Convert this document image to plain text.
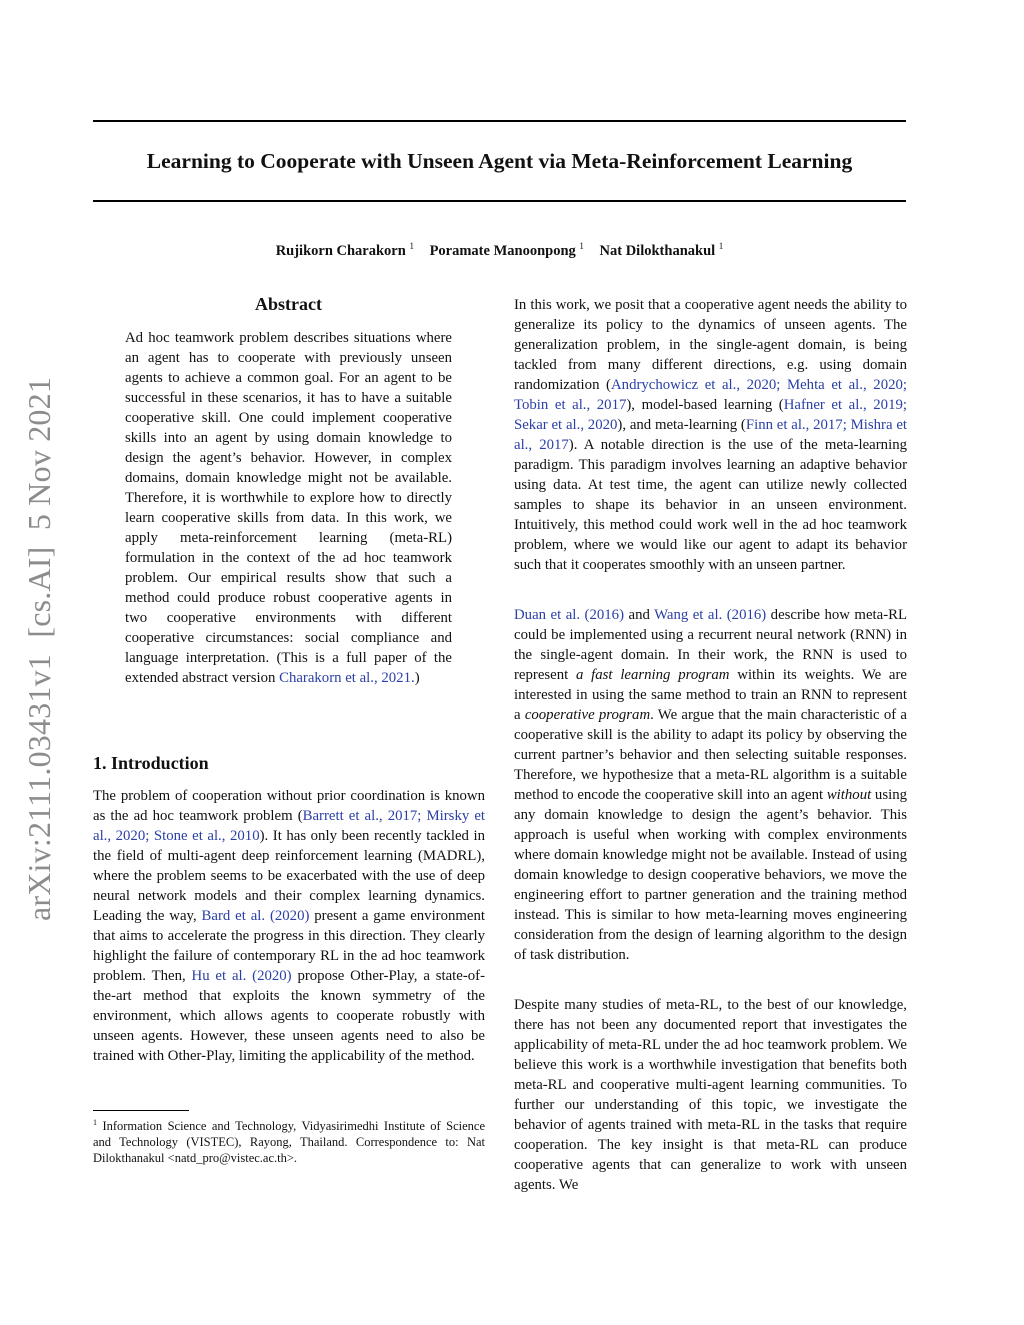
arXiv:2111.03431v1  [cs.AI]  5 Nov 2021
Learning to Cooperate with Unseen Agent via Meta-Reinforcement Learning
Rujikorn Charakorn $^1$ Poramate Manoonpong $^1$ Nat Dilokthanakul $^1$
Abstract

Ad hoc teamwork problem describes situations where an agent has to cooperate with previously unseen agents to achieve a common goal. For an agent to be successful in these scenarios, it has to have a suitable cooperative skill. One could implement cooperative skills into an agent by using domain knowledge to design the agent’s behavior. However, in complex domains, domain knowledge might not be available. Therefore, it is worthwhile to explore how to directly learn cooperative skills from data. In this work, we apply meta-reinforcement learning (meta-RL) formulation in the context of the ad hoc teamwork problem. Our empirical results show that such a method could produce robust cooperative agents in two cooperative environments with different cooperative circumstances: social compliance and language interpretation. (This is a full paper of the extended abstract version Charakorn et al., 2021.)

1. Introduction

The problem of cooperation without prior coordination is known as the ad hoc teamwork problem (Barrett et al., 2017; Mirsky et al., 2020; Stone et al., 2010). It has only been recently tackled in the field of multi-agent deep reinforcement learning (MADRL), where the problem seems to be exacerbated with the use of deep neural network models and their complex learning dynamics. Leading the way, Bard et al. (2020) present a game environment that aims to accelerate the progress in this direction. They clearly highlight the failure of contemporary RL in the ad hoc teamwork problem. Then, Hu et al. (2020) propose Other-Play, a state-of-the-art method that exploits the known symmetry of the environment, which allows agents to cooperate robustly with unseen agents. However, these unseen agents need to also be trained with Other-Play, limiting the applicability of the method.

$^1$ Information Science and Technology, Vidyasirimedhi Institute of Science and Technology (VISTEC), Rayong, Thailand. Correspondence to: Nat Dilokthanakul <natd_pro@vistec.ac.th>.

In this work, we posit that a cooperative agent needs the ability to generalize its policy to the dynamics of unseen agents. The generalization problem, in the single-agent domain, is being tackled from many different directions, e.g. using domain randomization (Andrychowicz et al., 2020; Mehta et al., 2020; Tobin et al., 2017), model-based learning (Hafner et al., 2019; Sekar et al., 2020), and meta-learning (Finn et al., 2017; Mishra et al., 2017). A notable direction is the use of the meta-learning paradigm. This paradigm involves learning an adaptive behavior using data. At test time, the agent can utilize newly collected samples to shape its behavior in an unseen environment. Intuitively, this method could work well in the ad hoc teamwork problem, where we would like our agent to adapt its behavior such that it cooperates smoothly with an unseen partner.

Duan et al. (2016) and Wang et al. (2016) describe how meta-RL could be implemented using a recurrent neural network (RNN) in the single-agent domain. In their work, the RNN is used to represent a fast learning program within its weights. We are interested in using the same method to train an RNN to represent a cooperative program. We argue that the main characteristic of a cooperative skill is the ability to adapt its policy by observing the current partner’s behavior and then selecting suitable responses. Therefore, we hypothesize that a meta-RL algorithm is a suitable method to encode the cooperative skill into an agent without using any domain knowledge to design the agent’s behavior. This approach is useful when working with complex environments where domain knowledge might not be available. Instead of using domain knowledge to design cooperative behaviors, we move the engineering effort to partner generation and the training method instead. This is similar to how meta-learning moves engineering consideration from the design of learning algorithm to the design of task distribution.

Despite many studies of meta-RL, to the best of our knowledge, there has not been any documented report that investigates the applicability of meta-RL under the ad hoc teamwork problem. We believe this work is a worthwhile investigation that benefits both meta-RL and cooperative multi-agent learning communities. To further our understanding of this topic, we investigate the behavior of agents trained with meta-RL in the tasks that require cooperation. The key insight is that meta-RL can produce cooperative agents that can generalize to work with unseen agents. We
